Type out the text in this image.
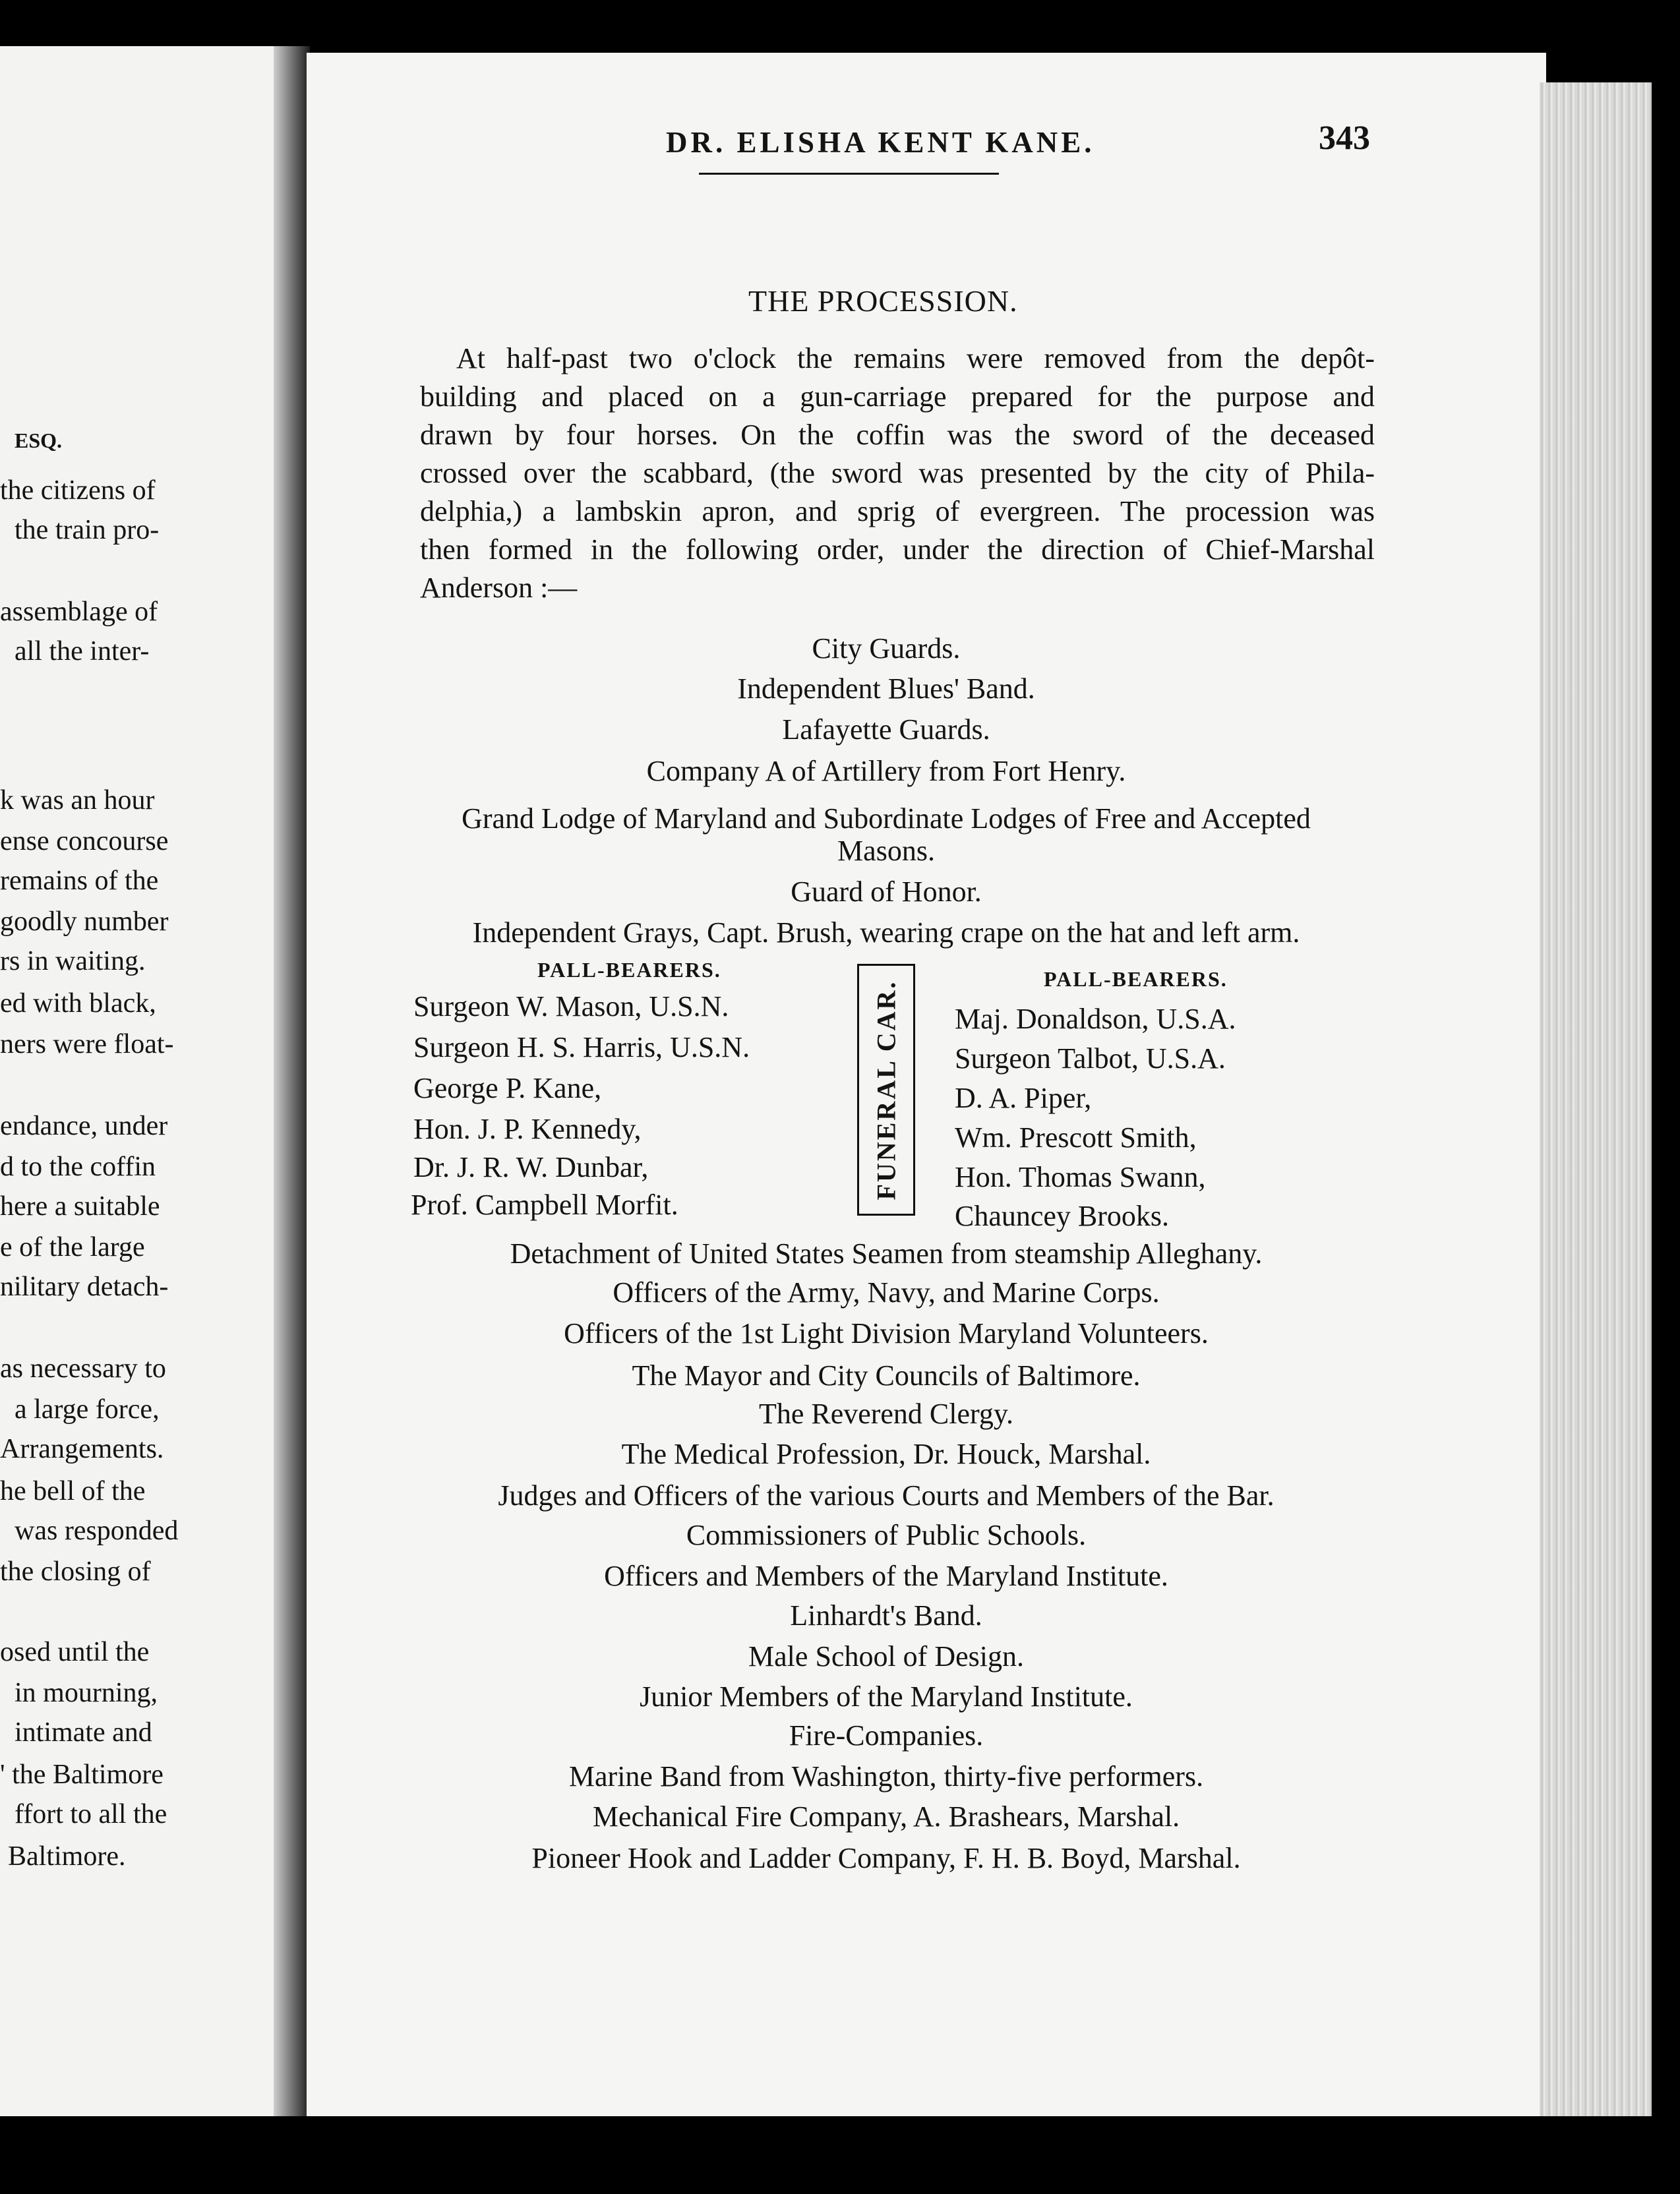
ESQ.
the citizens of
the train pro-
assemblage of
all the inter-
k was an hour
ense concourse
remains of the
goodly number
rs in waiting.
ed with black,
ners were float-
endance, under
d to the coffin
here a suitable
e of the large
nilitary detach-
as necessary to
a large force,
Arrangements.
he bell of the
was responded
the closing of
osed until the
in mourning,
intimate and
' the Baltimore
ffort to all the
Baltimore.
DR. ELISHA KENT KANE.	343
THE PROCESSION.
At half-past two o'clock the remains were removed from the depôt-
building and placed on a gun-carriage prepared for the purpose and
drawn by four horses. On the coffin was the sword of the deceased
crossed over the scabbard, (the sword was presented by the city of Phila-
delphia,) a lambskin apron, and sprig of evergreen. The procession was
then formed in the following order, under the direction of Chief-Marshal
Anderson :—
City Guards.
Independent Blues' Band.
Lafayette Guards.
Company A of Artillery from Fort Henry.
Grand Lodge of Maryland and Subordinate Lodges of Free and Accepted
Masons.
Guard of Honor.
Independent Grays, Capt. Brush, wearing crape on the hat and left arm.
PALL-BEARERS.	PALL-BEARERS.
Surgeon W. Mason, U.S.N.
Surgeon H. S. Harris, U.S.N.
George P. Kane,
Hon. J. P. Kennedy,
Dr. J. R. W. Dunbar,
Prof. Campbell Morfit.
FUNERAL CAR. Maj. Donaldson, U.S.A.
Surgeon Talbot, U.S.A.
D. A. Piper,
Wm. Prescott Smith,
Hon. Thomas Swann,
Chauncey Brooks.
Detachment of United States Seamen from steamship Alleghany.
Officers of the Army, Navy, and Marine Corps.
Officers of the 1st Light Division Maryland Volunteers.
The Mayor and City Councils of Baltimore.
The Reverend Clergy.
The Medical Profession, Dr. Houck, Marshal.
Judges and Officers of the various Courts and Members of the Bar.
Commissioners of Public Schools.
Officers and Members of the Maryland Institute.
Linhardt's Band.
Male School of Design.
Junior Members of the Maryland Institute.
Fire-Companies.
Marine Band from Washington, thirty-five performers.
Mechanical Fire Company, A. Brashears, Marshal.
Pioneer Hook and Ladder Company, F. H. B. Boyd, Marshal.
